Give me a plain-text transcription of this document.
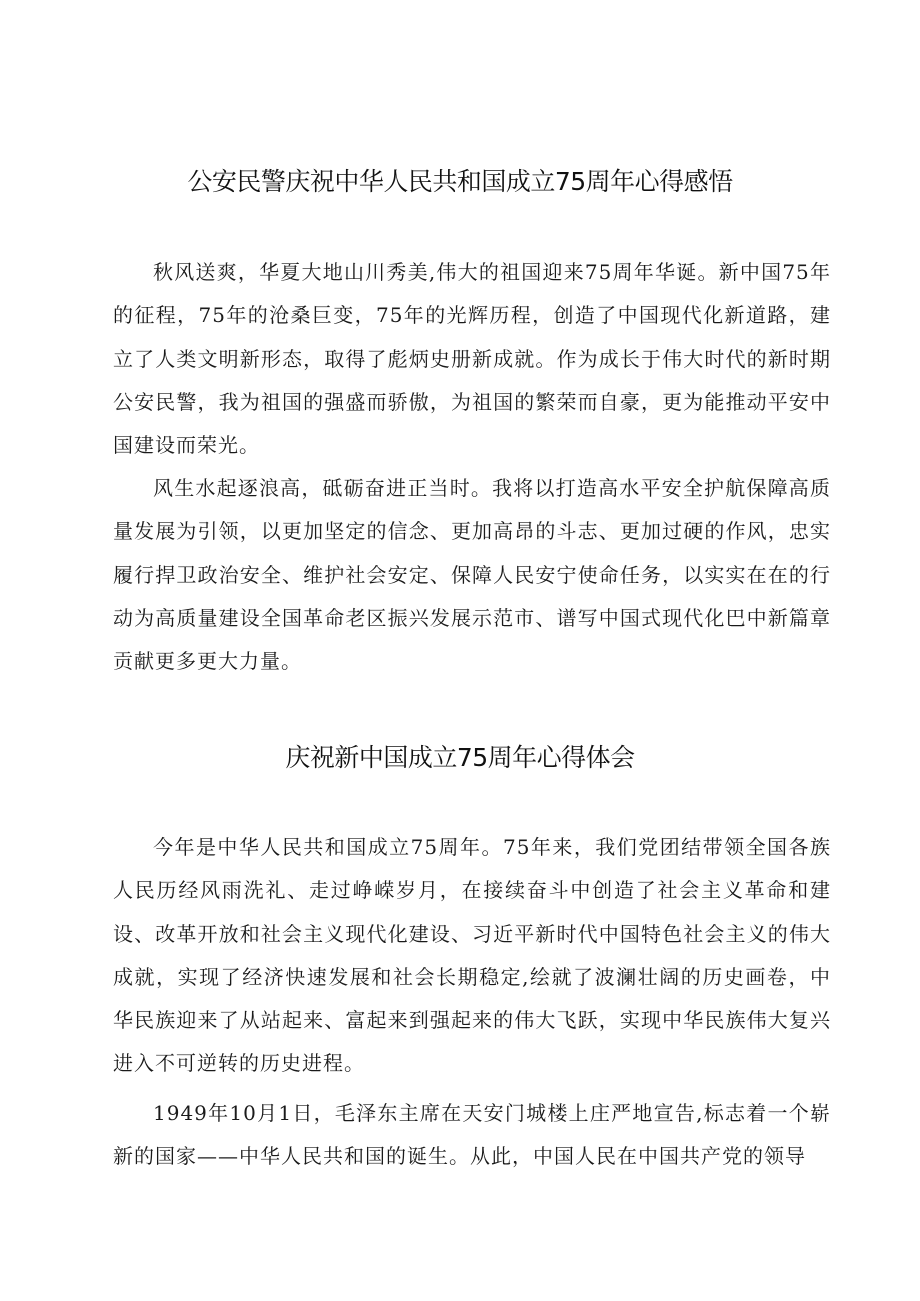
公安民警庆祝中华人民共和国成立75周年心得感悟

秋风送爽，华夏大地山川秀美,伟大的祖国迎来75周年华诞。新中国75年的征程，75年的沧桑巨变，75年的光辉历程，创造了中国现代化新道路，建立了人类文明新形态，取得了彪炳史册新成就。作为成长于伟大时代的新时期公安民警，我为祖国的强盛而骄傲，为祖国的繁荣而自豪，更为能推动平安中国建设而荣光。

风生水起逐浪高，砥砺奋进正当时。我将以打造高水平安全护航保障高质量发展为引领，以更加坚定的信念、更加高昂的斗志、更加过硬的作风，忠实履行捍卫政治安全、维护社会安定、保障人民安宁使命任务，以实实在在的行动为高质量建设全国革命老区振兴发展示范市、谱写中国式现代化巴中新篇章贡献更多更大力量。

庆祝新中国成立75周年心得体会

今年是中华人民共和国成立75周年。75年来，我们党团结带领全国各族人民历经风雨洗礼、走过峥嵘岁月，在接续奋斗中创造了社会主义革命和建设、改革开放和社会主义现代化建设、习近平新时代中国特色社会主义的伟大成就，实现了经济快速发展和社会长期稳定,绘就了波澜壮阔的历史画卷，中华民族迎来了从站起来、富起来到强起来的伟大飞跃，实现中华民族伟大复兴进入不可逆转的历史进程。

1949年10月1日，毛泽东主席在天安门城楼上庄严地宣告,标志着一个崭新的国家——中华人民共和国的诞生。从此，中国人民在中国共产党的领导
